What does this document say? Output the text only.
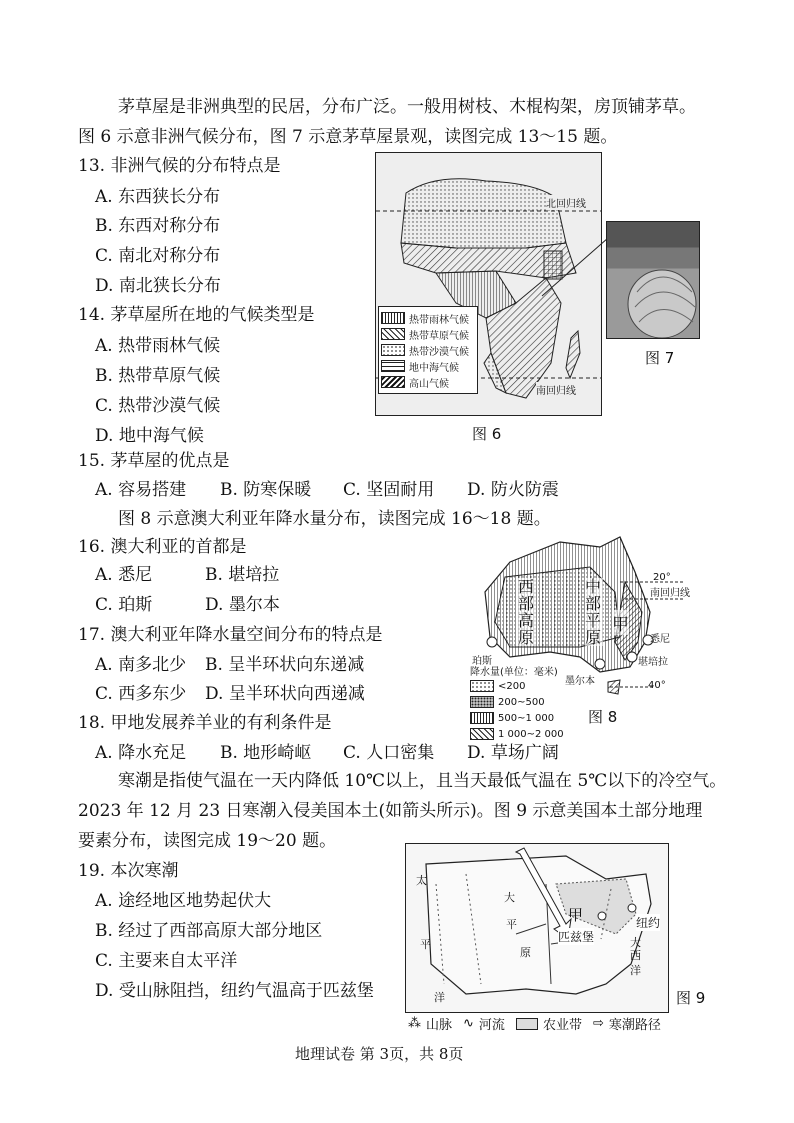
茅草屋是非洲典型的民居，分布广泛。一般用树枝、木棍构架，房顶铺茅草。
图 6 示意非洲气候分布，图 7 示意茅草屋景观，读图完成 13～15 题。
13. 非洲气候的分布特点是
A. 东西狭长分布
B. 东西对称分布
C. 南北对称分布
D. 南北狭长分布
14. 茅草屋所在地的气候类型是
A. 热带雨林气候
B. 热带草原气候
C. 热带沙漠气候
D. 地中海气候
北回归线
南回归线
热带雨林气候
热带草原气候
热带沙漠气候
地中海气候
高山气候
图 6
图 7
15. 茅草屋的优点是
A. 容易搭建 B. 防寒保暖 C. 坚固耐用 D. 防火防震
图 8 示意澳大利亚年降水量分布，读图完成 16～18 题。
16. 澳大利亚的首都是
A. 悉尼	B. 堪培拉
C. 珀斯	D. 墨尔本
17. 澳大利亚年降水量空间分布的特点是
A. 南多北少 B. 呈半环状向东递减
C. 西多东少 D. 呈半环状向西递减
18. 甲地发展养羊业的有利条件是
A. 降水充足 B. 地形崎岖 C. 人口密集 D. 草场广阔
西部高原
中部平原
甲
南回归线
20°
40°
珀斯
悉尼
堪培拉
墨尔本
降水量(单位：毫米)
<200
200~500
500~1 000
1 000~2 000
图 8
寒潮是指使气温在一天内降低 10℃以上，且当天最低气温在 5℃以下的冷空气。
2023 年 12 月 23 日寒潮入侵美国本土(如箭头所示)。图 9 示意美国本土部分地理
要素分布，读图完成 19～20 题。
19. 本次寒潮
A. 途经地区地势起伏大
B. 经过了西部高原大部分地区
C. 主要来自太平洋
D. 受山脉阻挡，纽约气温高于匹兹堡
太
平
洋
大
西
洋
大
平
原
甲
匹兹堡
纽约
图 9
⁂ 山脉 ∿ 河流	农业带 ⇨ 寒潮路径
地理试卷 第 3页，共 8页
